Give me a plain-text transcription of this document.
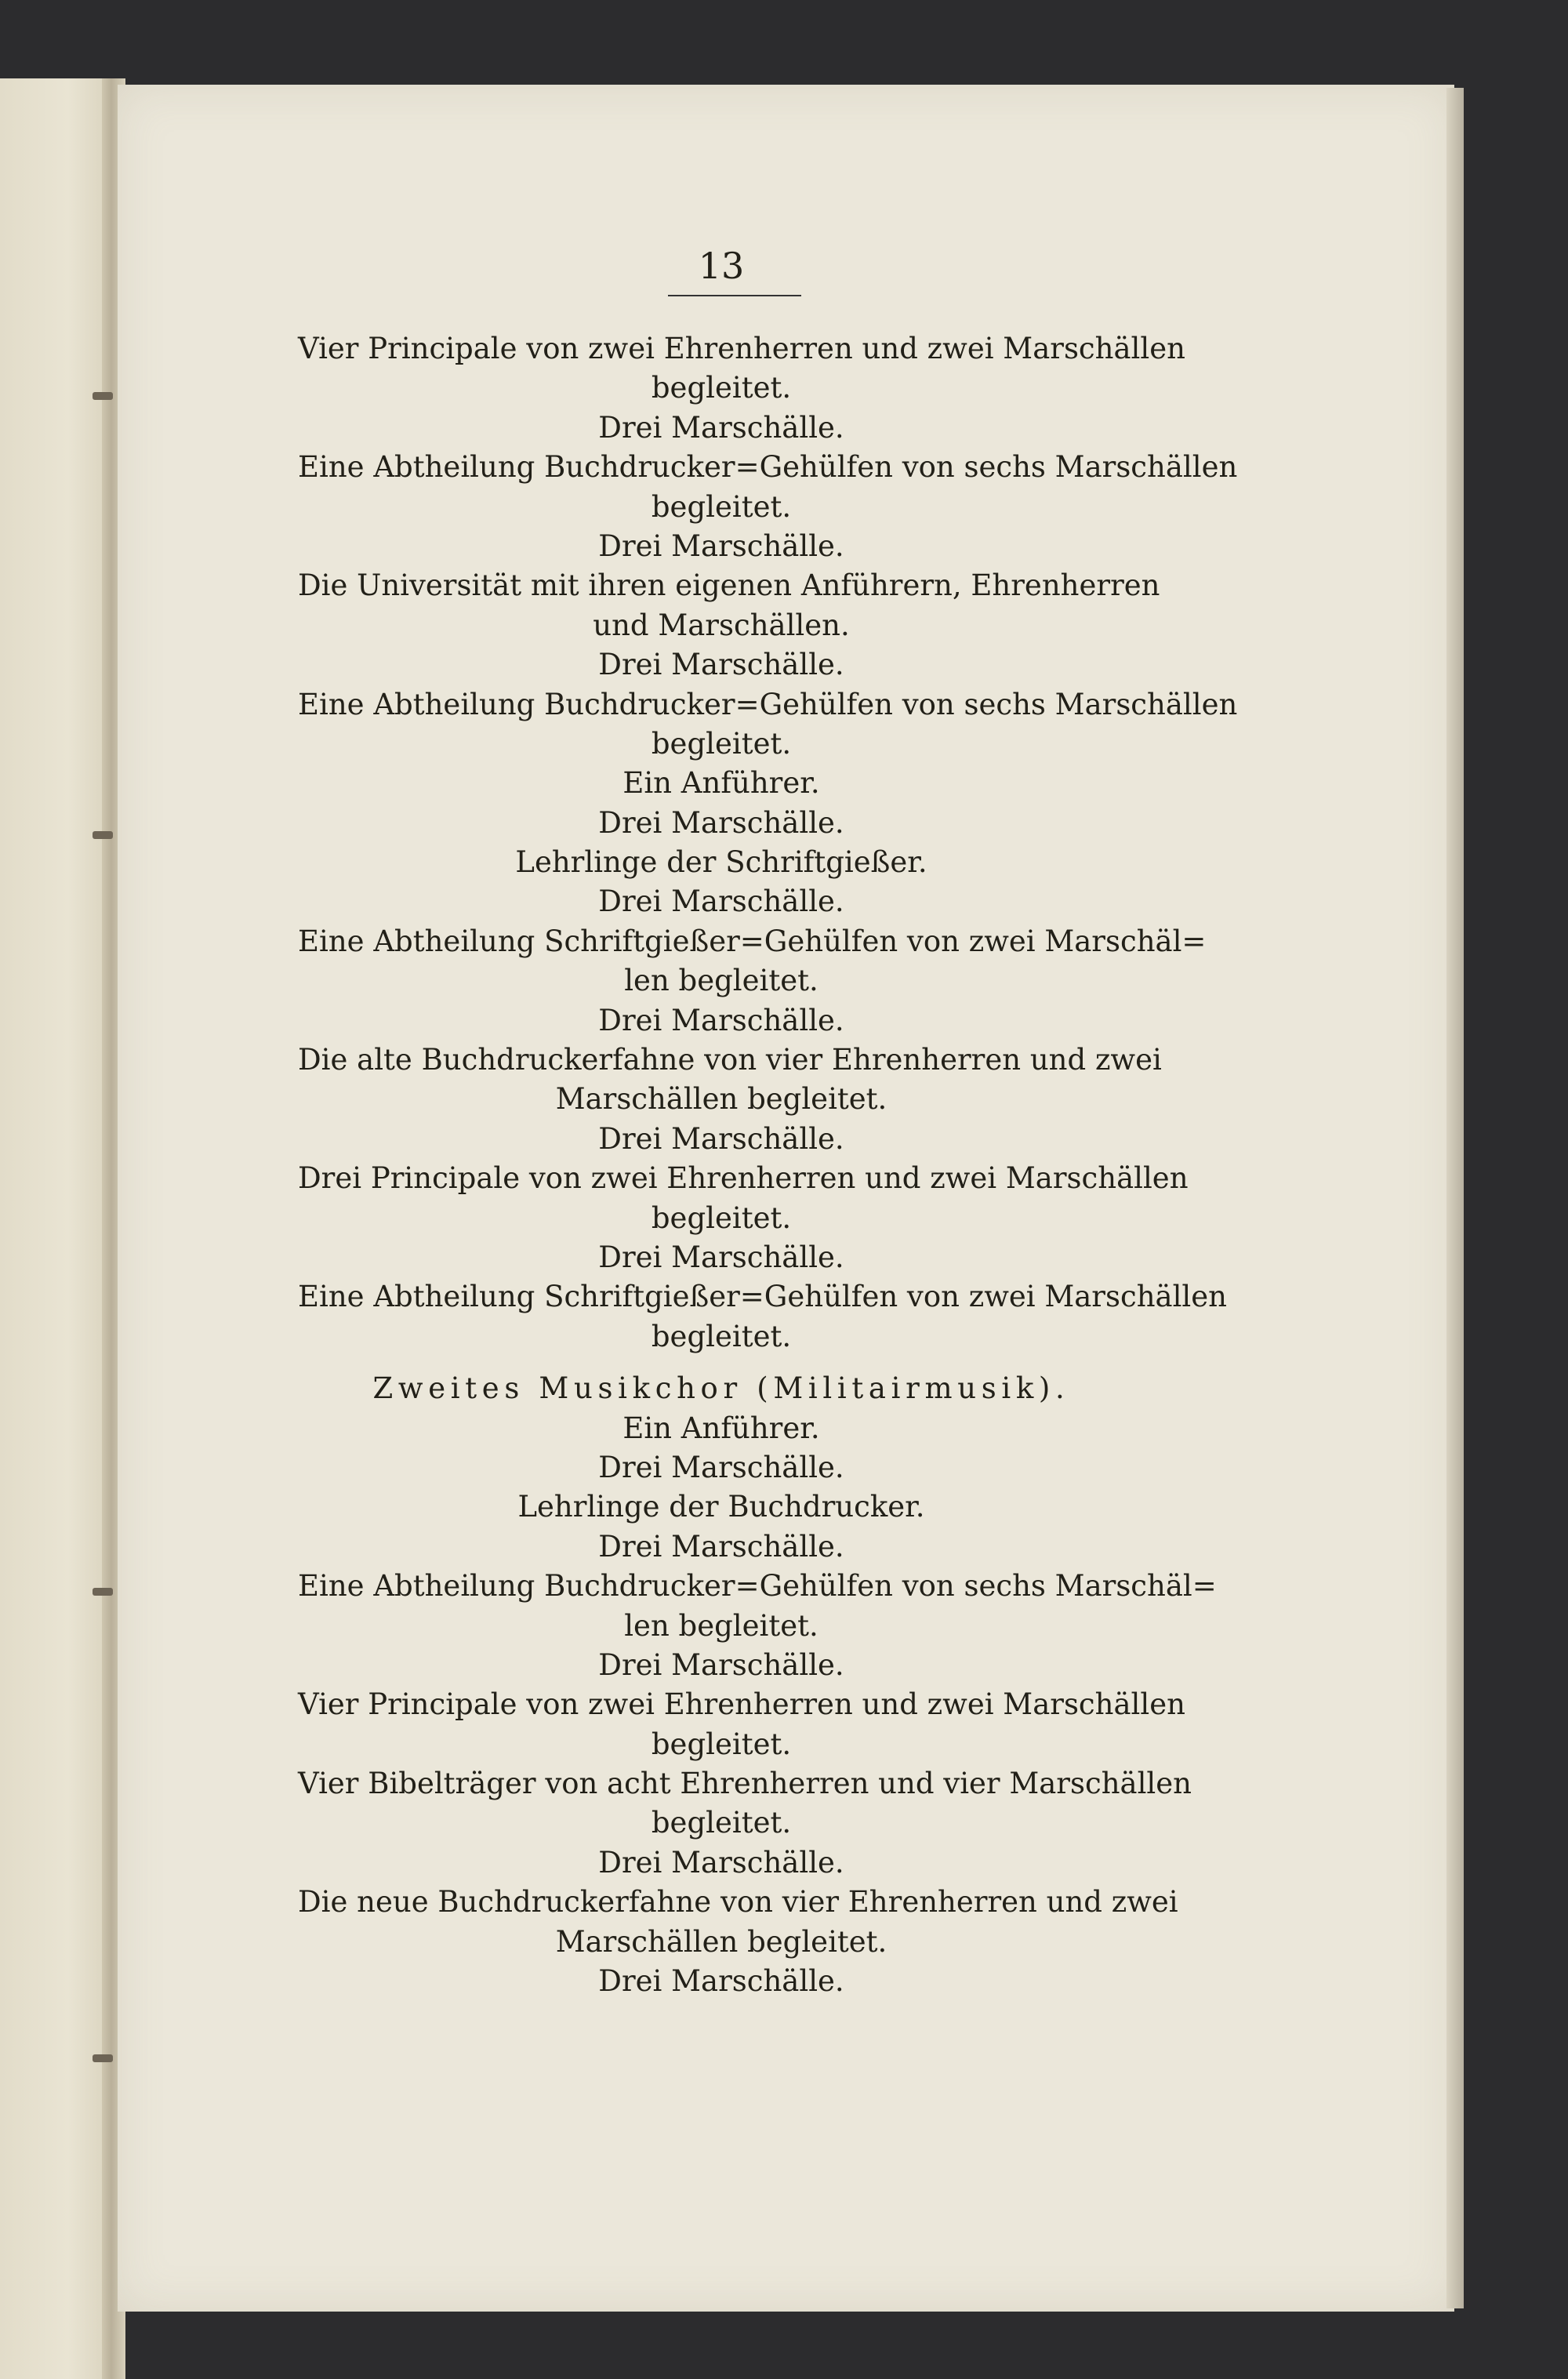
13
Vier Principale von zwei Ehrenherren und zwei Marschällen
begleitet.
Drei Marschälle.
Eine Abtheilung Buchdrucker=Gehülfen von sechs Marschällen
begleitet.
Drei Marschälle.
Die Universität mit ihren eigenen Anführern, Ehrenherren
und Marschällen.
Drei Marschälle.
Eine Abtheilung Buchdrucker=Gehülfen von sechs Marschällen
begleitet.
Ein Anführer.
Drei Marschälle.
Lehrlinge der Schriftgießer.
Drei Marschälle.
Eine Abtheilung Schriftgießer=Gehülfen von zwei Marschäl=
len begleitet.
Drei Marschälle.
Die alte Buchdruckerfahne von vier Ehrenherren und zwei
Marschällen begleitet.
Drei Marschälle.
Drei Principale von zwei Ehrenherren und zwei Marschällen
begleitet.
Drei Marschälle.
Eine Abtheilung Schriftgießer=Gehülfen von zwei Marschällen
begleitet.
Zweites Musikchor (Militairmusik).
Ein Anführer.
Drei Marschälle.
Lehrlinge der Buchdrucker.
Drei Marschälle.
Eine Abtheilung Buchdrucker=Gehülfen von sechs Marschäl=
len begleitet.
Drei Marschälle.
Vier Principale von zwei Ehrenherren und zwei Marschällen
begleitet.
Vier Bibelträger von acht Ehrenherren und vier Marschällen
begleitet.
Drei Marschälle.
Die neue Buchdruckerfahne von vier Ehrenherren und zwei
Marschällen begleitet.
Drei Marschälle.
